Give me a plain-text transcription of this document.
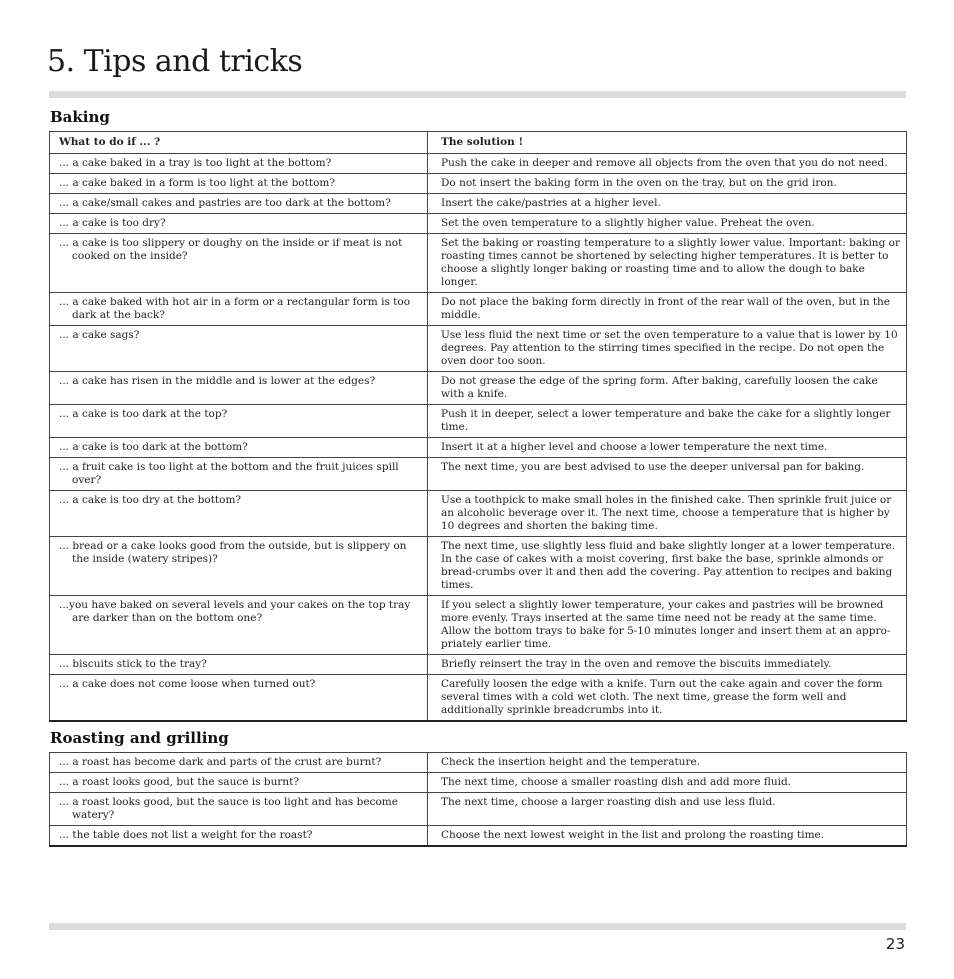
5. Tips and tricks
Baking
What to do if ... ?	The solution !

... a cake baked in a tray is too light at the bottom?	Push the cake in deeper and remove all objects from the oven that you do not need.

... a cake baked in a form is too light at the bottom?	Do not insert the baking form in the oven on the tray, but on the grid iron.

... a cake/small cakes and pastries are too dark at the bottom?	Insert the cake/pastries at a higher level.

... a cake is too dry?	Set the oven temperature to a slightly higher value. Preheat the oven.

... a cake is too slippery or doughy on the inside or if meat is not cooked on the inside?	Set the baking or roasting temperature to a slightly lower value. Important: baking or roasting times cannot be shortened by selecting higher temperatures. It is better to choose a slightly longer baking or roasting time and to allow the dough to bake longer.

... a cake baked with hot air in a form or a rectangular form is too dark at the back?	Do not place the baking form directly in front of the rear wall of the oven, but in the middle.

... a cake sags?	Use less fluid the next time or set the oven temperature to a value that is lower by 10 degrees. Pay attention to the stirring times specified in the recipe. Do not open the oven door too soon.

... a cake has risen in the middle and is lower at the edges?	Do not grease the edge of the spring form. After baking, carefully loosen the cake with a knife.

... a cake is too dark at the top?	Push it in deeper, select a lower temperature and bake the cake for a slightly longer time.

... a cake is too dark at the bottom?	Insert it at a higher level and choose a lower temperature the next time.

... a fruit cake is too light at the bottom and the fruit juices spill over?	The next time, you are best advised to use the deeper universal pan for baking.

... a cake is too dry at the bottom?	Use a toothpick to make small holes in the finished cake. Then sprinkle fruit juice or an alcoholic beverage over it. The next time, choose a temperature that is higher by 10 degrees and shorten the baking time.

... bread or a cake looks good from the outside, but is slippery on the inside (watery stripes)?	The next time, use slightly less fluid and bake slightly longer at a lower temperature. In the case of cakes with a moist covering, first bake the base, sprinkle almonds or bread-crumbs over it and then add the covering. Pay attention to recipes and baking times.

...you have baked on several levels and your cakes on the top tray are darker than on the bottom one?	If you select a slightly lower temperature, your cakes and pastries will be browned more evenly. Trays inserted at the same time need not be ready at the same time. Allow the bottom trays to bake for 5-10 minutes longer and insert them at an appro-priately earlier time.

... biscuits stick to the tray?	Briefly reinsert the tray in the oven and remove the biscuits immediately.

... a cake does not come loose when turned out?	Carefully loosen the edge with a knife. Turn out the cake again and cover the form several times with a cold wet cloth. The next time, grease the form well and additionally sprinkle breadcrumbs into it.
Roasting and grilling
... a roast has become dark and parts of the crust are burnt?	Check the insertion height and the temperature.

... a roast looks good, but the sauce is burnt?	The next time, choose a smaller roasting dish and add more fluid.

... a roast looks good, but the sauce is too light and has become watery?	The next time, choose a larger roasting dish and use less fluid.

... the table does not list a weight for the roast?	Choose the next lowest weight in the list and prolong the roasting time.
23
